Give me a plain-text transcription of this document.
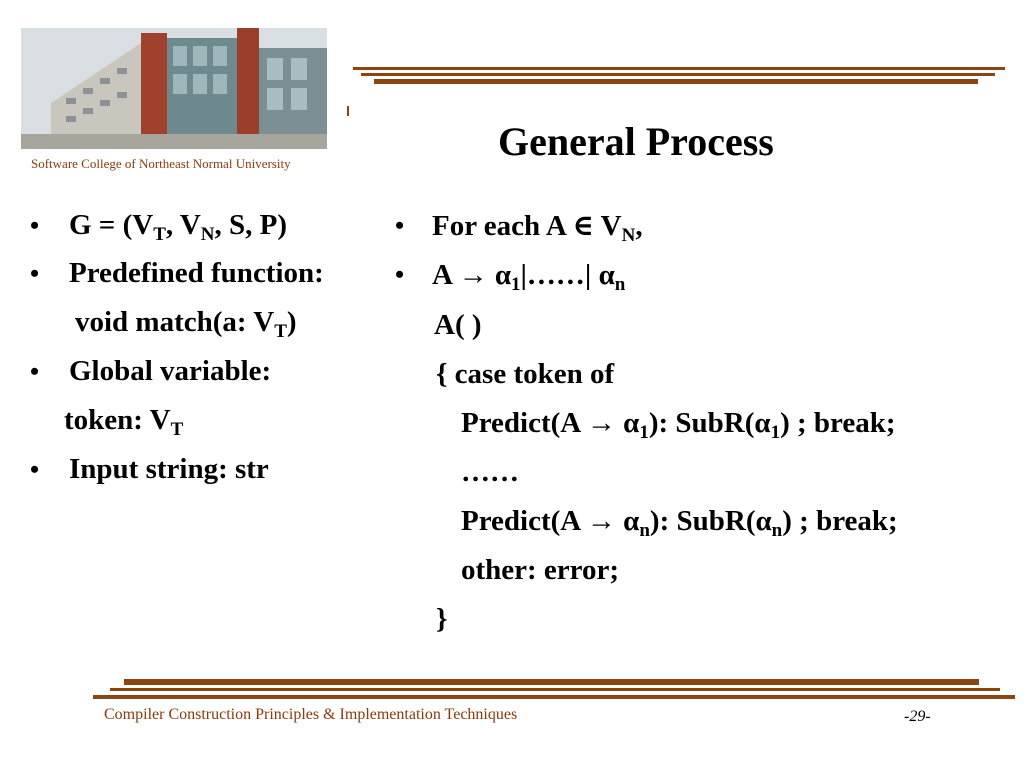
Software College of Northeast Normal University	General Process
• $G = (V_T$, $V_N$, S, P)
• Predefined function:
void match(a: $V_T$)
• Global variable:
token: $V_T$
• Input string: str
• For each A ∈ $V_N$,
• $A \to \alpha_1|\dots\dots|$ $\alpha_n$
A( )
{ case token of
Predict(A → $\alpha_1$): $SubR(\alpha_1)$ ; break;
……
Predict(A → $\alpha_n$): $SubR(\alpha_n)$ ; break;
other: error;
}
Compiler Construction Principles & Implementation Techniques	-29-
